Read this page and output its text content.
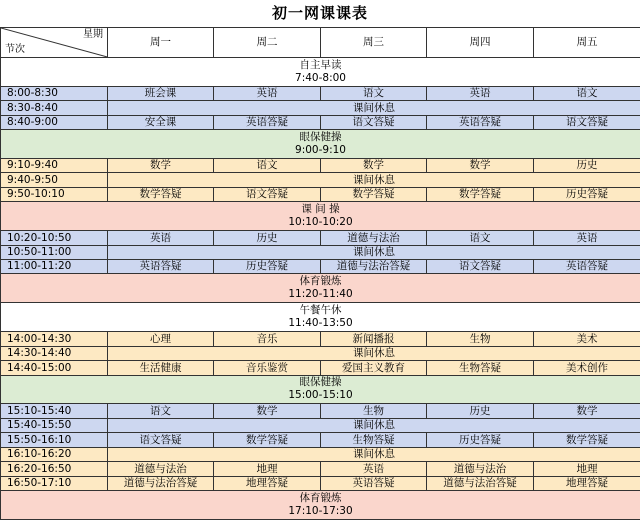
初一网课课表
星期
节次	周一	周二	周三	周四	周五

自主早读
7:40-8:00					

8:00-8:30	班会课	英语	语文	英语	语文
8:30-8:40	课间休息				
8:40-9:00	安全课	英语答疑	语文答疑	英语答疑	语文答疑

眼保健操
9:00-9:10					

9:10-9:40	数学	语文	数学	数学	历史
9:40-9:50	课间休息				
9:50-10:10	数学答疑	语文答疑	数学答疑	数学答疑	历史答疑

课 间 操
10:10-10:20					

10:20-10:50	英语	历史	道德与法治	语文	英语
10:50-11:00	课间休息				
11:00-11:20	英语答疑	历史答疑	道德与法治答疑	语文答疑	英语答疑

体育锻炼
11:20-11:40					

午餐午休
11:40-13:50					

14:00-14:30	心理	音乐	新闻播报	生物	美术
14:30-14:40	课间休息				
14:40-15:00	生活健康	音乐鉴赏	爱国主义教育	生物答疑	美术创作

眼保健操
15:00-15:10					

15:10-15:40	语文	数学	生物	历史	数学
15:40-15:50	课间休息				
15:50-16:10	语文答疑	数学答疑	生物答疑	历史答疑	数学答疑
16:10-16:20	课间休息				
16:20-16:50	道德与法治	地理	英语	道德与法治	地理
16:50-17:10	道德与法治答疑	地理答疑	英语答疑	道德与法治答疑	地理答疑

体育锻炼
17:10-17:30					
